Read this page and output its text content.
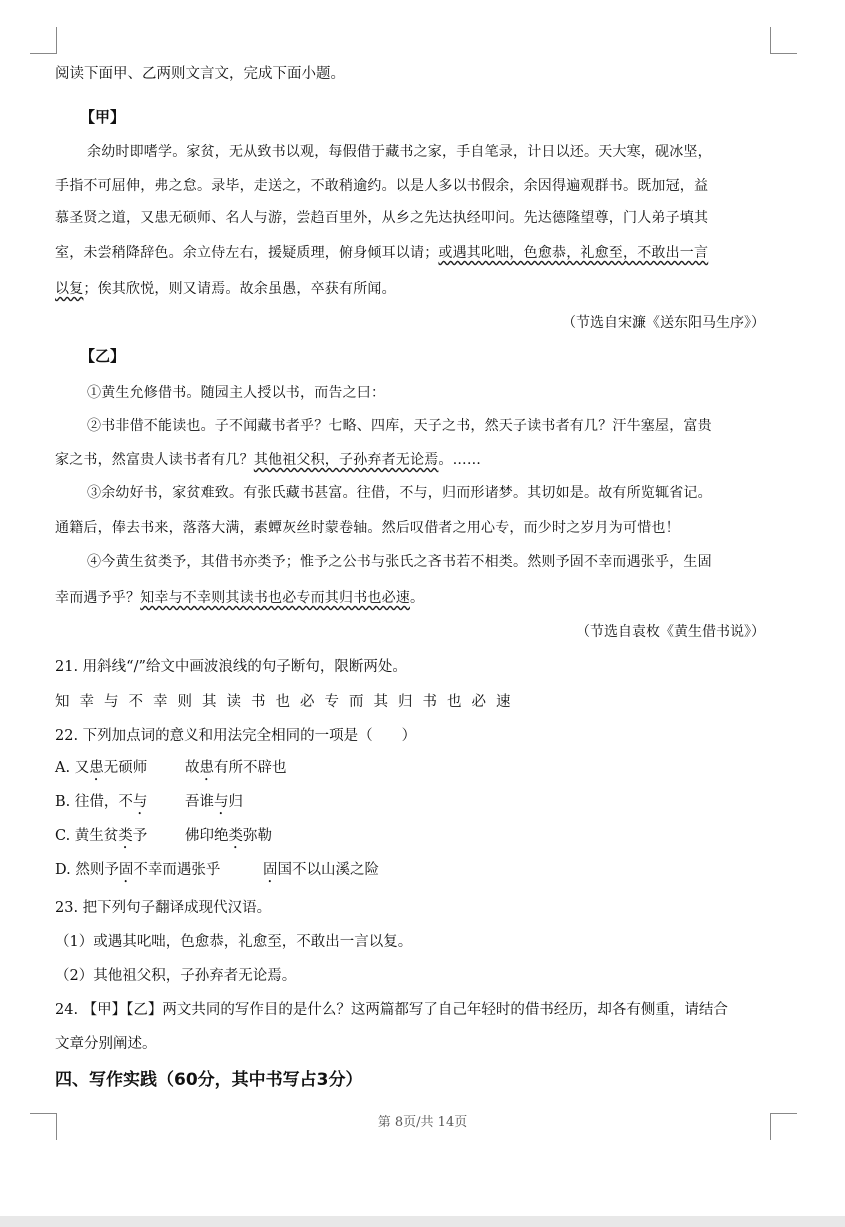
阅读下面甲、乙两则文言文，完成下面小题。
【甲】
余幼时即嗜学。家贫，无从致书以观，每假借于藏书之家，手自笔录，计日以还。天大寒，砚冰坚，
手指不可屈伸，弗之怠。录毕，走送之，不敢稍逾约。以是人多以书假余，余因得遍观群书。既加冠，益
慕圣贤之道，又患无硕师、名人与游，尝趋百里外，从乡之先达执经叩问。先达德隆望尊，门人弟子填其
室，未尝稍降辞色。余立侍左右，援疑质理，俯身倾耳以请；或遇其叱咄，色愈恭，礼愈至，不敢出一言
以复；俟其欣悦，则又请焉。故余虽愚，卒获有所闻。
（节选自宋濂《送东阳马生序》）
【乙】
①黄生允修借书。随园主人授以书，而告之曰：
②书非借不能读也。子不闻藏书者乎？七略、四库，天子之书，然天子读书者有几？汗牛塞屋，富贵
家之书，然富贵人读书者有几？其他祖父积，子孙弃者无论焉。……
③余幼好书，家贫难致。有张氏藏书甚富。往借，不与，归而形诸梦。其切如是。故有所览辄省记。
通籍后，俸去书来，落落大满，素蟫灰丝时蒙卷轴。然后叹借者之用心专，而少时之岁月为可惜也！
④今黄生贫类予，其借书亦类予；惟予之公书与张氏之吝书若不相类。然则予固不幸而遇张乎，生固
幸而遇予乎？知幸与不幸则其读书也必专而其归书也必速。
（节选自袁枚《黄生借书说》）
21. 用斜线“/”给文中画波浪线的句子断句，限断两处。
知幸与不幸则其读书也必专而其归书也必速
22. 下列加点词的意义和用法完全相同的一项是（　　）
A. 又患无硕师	故患有所不辟也
B. 往借，不与	吾谁与归
C. 黄生贫类予	佛印绝类弥勒
D. 然则予固不幸而遇张乎	固国不以山溪之险
23. 把下列句子翻译成现代汉语。
（1）或遇其叱咄，色愈恭，礼愈至，不敢出一言以复。
（2）其他祖父积，子孙弃者无论焉。
24. 【甲】【乙】两文共同的写作目的是什么？这两篇都写了自己年轻时的借书经历，却各有侧重，请结合
文章分别阐述。
四、写作实践（60分，其中书写占3分）
第 8页/共 14页
